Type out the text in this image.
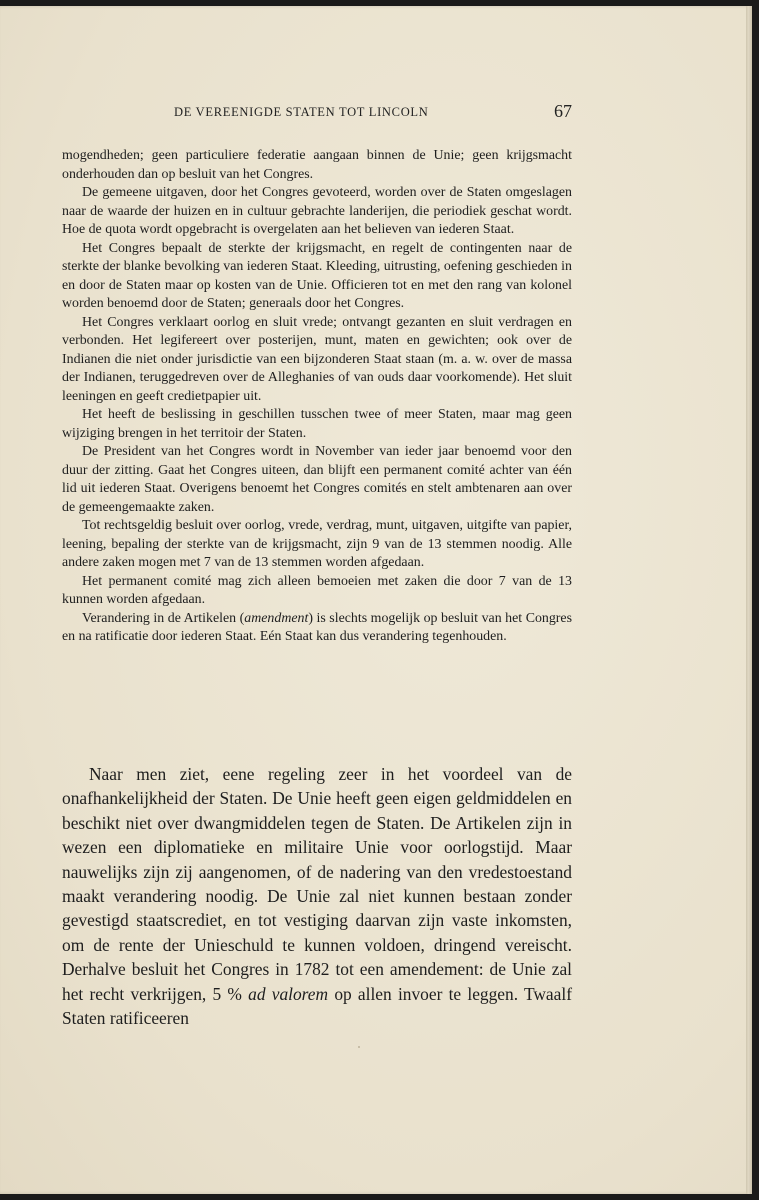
DE VEREENIGDE STATEN TOT LINCOLN	67

mogendheden; geen particuliere federatie aangaan binnen de Unie; geen krijgsmacht onderhouden dan op besluit van het Congres.

De gemeene uitgaven, door het Congres gevoteerd, worden over de Staten omgeslagen naar de waarde der huizen en in cultuur gebrachte landerijen, die periodiek geschat wordt. Hoe de quota wordt opgebracht is overgelaten aan het believen van iederen Staat.

Het Congres bepaalt de sterkte der krijgsmacht, en regelt de contingenten naar de sterkte der blanke bevolking van iederen Staat. Kleeding, uitrusting, oefening geschieden in en door de Staten maar op kosten van de Unie. Officieren tot en met den rang van kolonel worden benoemd door de Staten; generaals door het Congres.

Het Congres verklaart oorlog en sluit vrede; ontvangt gezanten en sluit verdragen en verbonden. Het legifereert over posterijen, munt, maten en gewichten; ook over de Indianen die niet onder jurisdictie van een bijzonderen Staat staan (m. a. w. over de massa der Indianen, teruggedreven over de Alleghanies of van ouds daar voorkomende). Het sluit leeningen en geeft credietpapier uit.

Het heeft de beslissing in geschillen tusschen twee of meer Staten, maar mag geen wijziging brengen in het territoir der Staten.

De President van het Congres wordt in November van ieder jaar benoemd voor den duur der zitting. Gaat het Congres uiteen, dan blijft een permanent comité achter van één lid uit iederen Staat. Overigens benoemt het Congres comités en stelt ambtenaren aan over de gemeengemaakte zaken.

Tot rechtsgeldig besluit over oorlog, vrede, verdrag, munt, uitgaven, uitgifte van papier, leening, bepaling der sterkte van de krijgsmacht, zijn 9 van de 13 stemmen noodig. Alle andere zaken mogen met 7 van de 13 stemmen worden afgedaan.

Het permanent comité mag zich alleen bemoeien met zaken die door 7 van de 13 kunnen worden afgedaan.

Verandering in de Artikelen (amendment) is slechts mogelijk op besluit van het Congres en na ratificatie door iederen Staat. Eén Staat kan dus verandering tegenhouden.

Naar men ziet, eene regeling zeer in het voordeel van de onafhankelijkheid der Staten. De Unie heeft geen eigen geldmiddelen en beschikt niet over dwangmiddelen tegen de Staten. De Artikelen zijn in wezen een diplomatieke en militaire Unie voor oorlogstijd. Maar nauwelijks zijn zij aangenomen, of de nadering van den vredestoestand maakt verandering noodig. De Unie zal niet kunnen bestaan zonder gevestigd staatscrediet, en tot vestiging daarvan zijn vaste inkomsten, om de rente der Unieschuld te kunnen voldoen, dringend vereischt. Derhalve besluit het Congres in 1782 tot een amendement: de Unie zal het recht verkrijgen, 5 % ad valorem op allen invoer te leggen. Twaalf Staten ratificeeren
